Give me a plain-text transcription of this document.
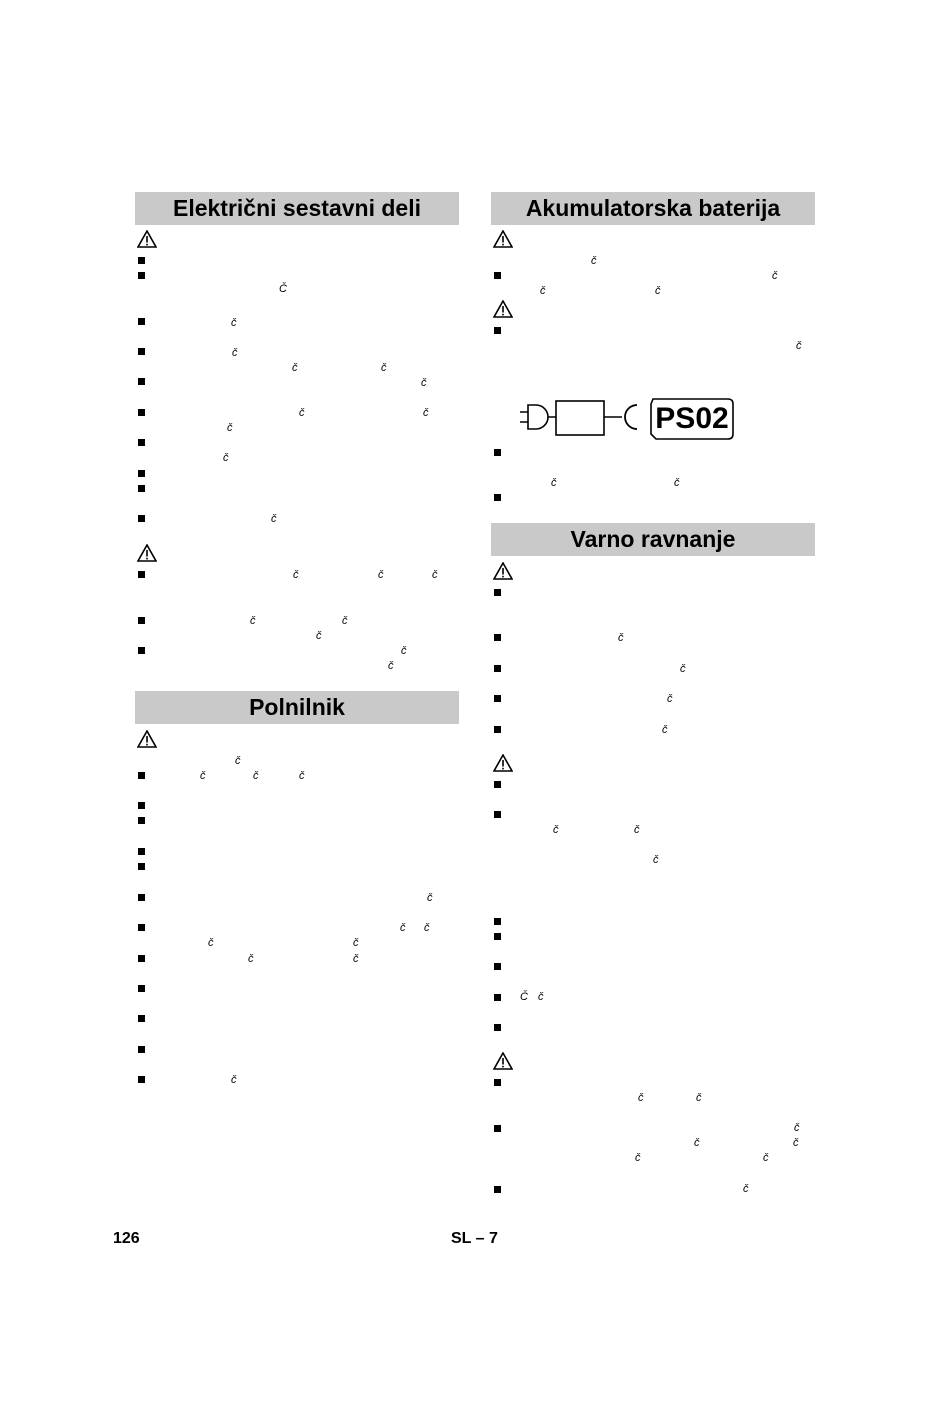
Električni sestavni deli
Č
č
č
č	č
č
č	č
č
č
č
č	č	č
č	č
č
č
č
Polnilnik
č
č	č	č
č
č č
č	č
č	č
č
Akumulatorska baterija
č
č
č	č
č
č	č
Varno ravnanje
č
č
č
č
č	č
č
Č č
č	č
č
č	č
č	č
č
PS02
126	SL – 7
